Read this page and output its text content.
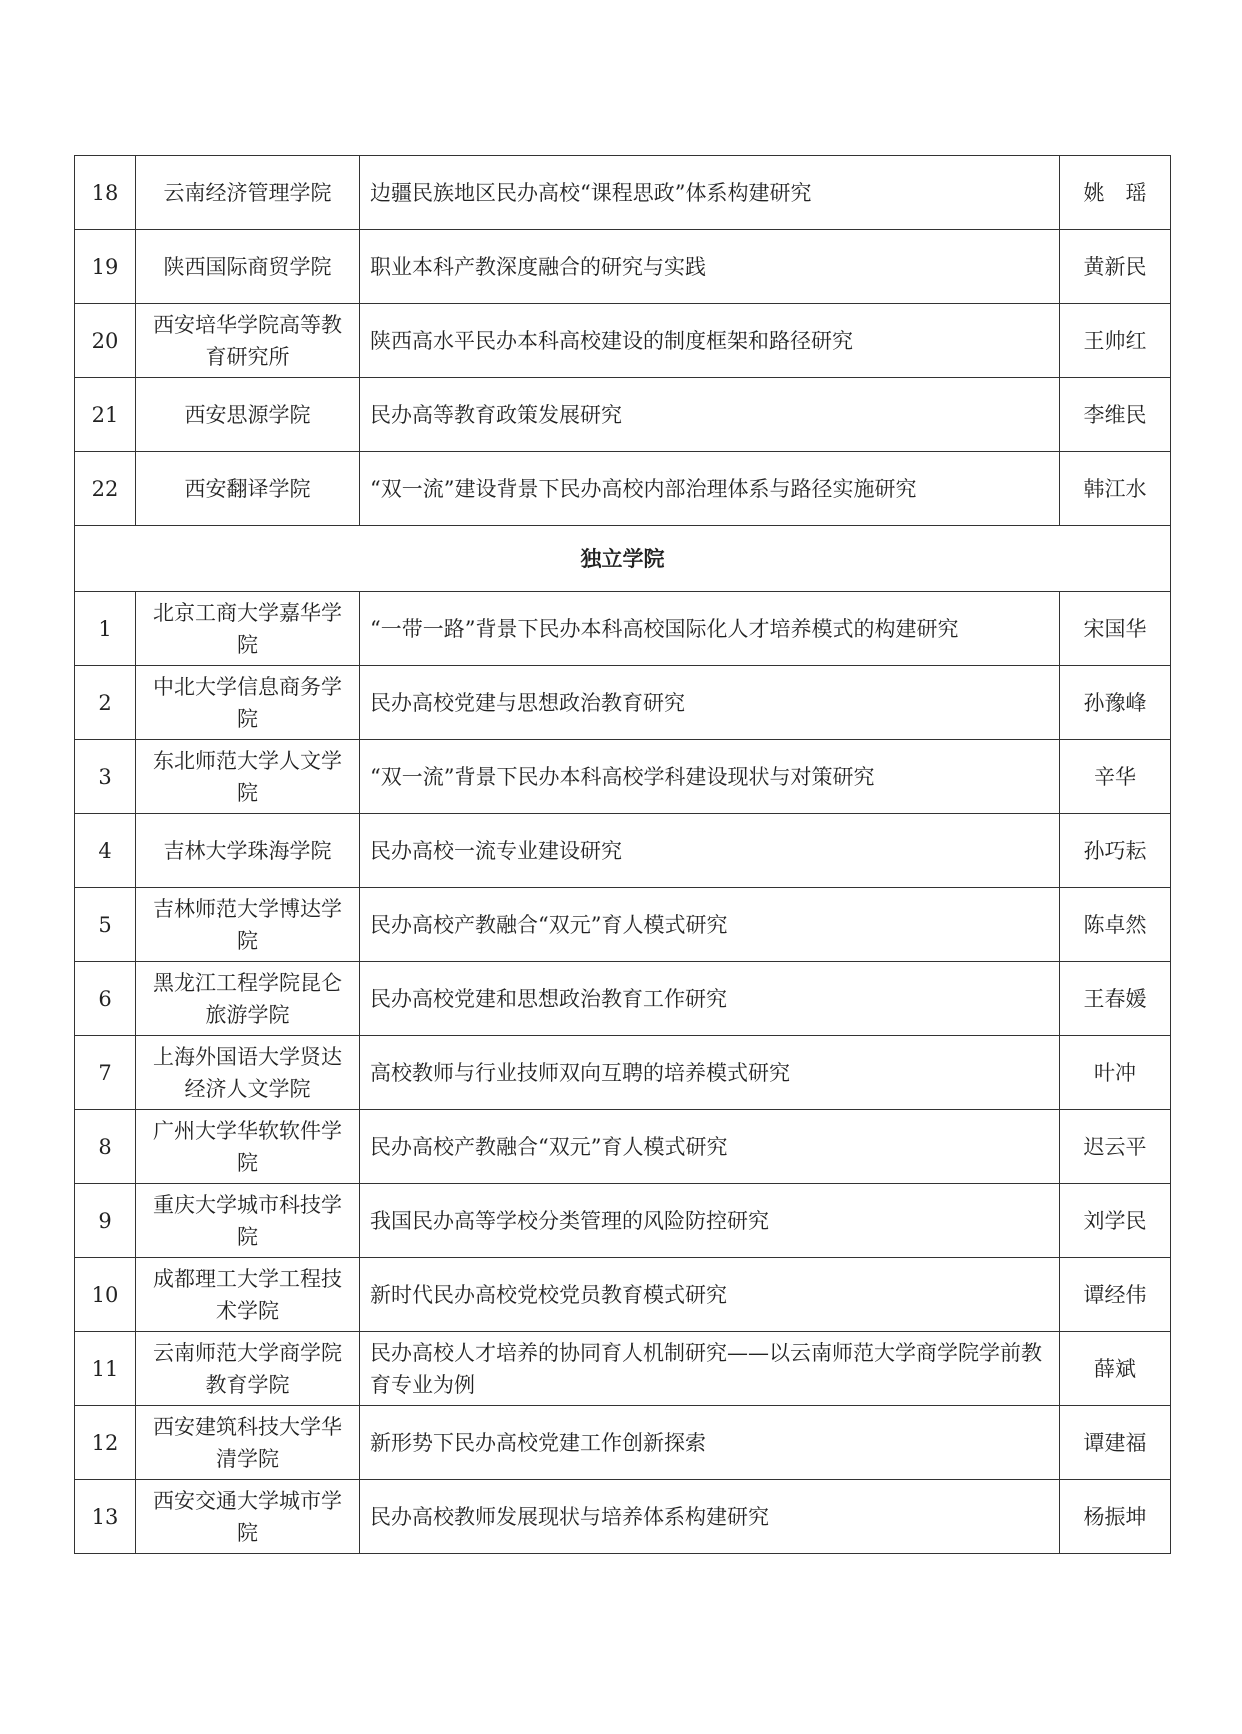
18	云南经济管理学院	边疆民族地区民办高校“课程思政”体系构建研究	姚　瑶
19	陕西国际商贸学院	职业本科产教深度融合的研究与实践	黄新民
20	西安培华学院高等教育研究所	陕西高水平民办本科高校建设的制度框架和路径研究	王帅红
21	西安思源学院	民办高等教育政策发展研究	李维民
22	西安翻译学院	“双一流”建设背景下民办高校内部治理体系与路径实施研究	韩江水
独立学院			
1	北京工商大学嘉华学院	“一带一路”背景下民办本科高校国际化人才培养模式的构建研究	宋国华
2	中北大学信息商务学院	民办高校党建与思想政治教育研究	孙豫峰
3	东北师范大学人文学院	“双一流”背景下民办本科高校学科建设现状与对策研究	辛华
4	吉林大学珠海学院	民办高校一流专业建设研究	孙巧耘
5	吉林师范大学博达学院	民办高校产教融合“双元”育人模式研究	陈卓然
6	黑龙江工程学院昆仑旅游学院	民办高校党建和思想政治教育工作研究	王春媛
7	上海外国语大学贤达经济人文学院	高校教师与行业技师双向互聘的培养模式研究	叶冲
8	广州大学华软软件学院	民办高校产教融合“双元”育人模式研究	迟云平
9	重庆大学城市科技学院	我国民办高等学校分类管理的风险防控研究	刘学民
10	成都理工大学工程技术学院	新时代民办高校党校党员教育模式研究	谭经伟
11	云南师范大学商学院教育学院	民办高校人才培养的协同育人机制研究——以云南师范大学商学院学前教育专业为例	薛斌
12	西安建筑科技大学华清学院	新形势下民办高校党建工作创新探索	谭建福
13	西安交通大学城市学院	民办高校教师发展现状与培养体系构建研究	杨振坤
